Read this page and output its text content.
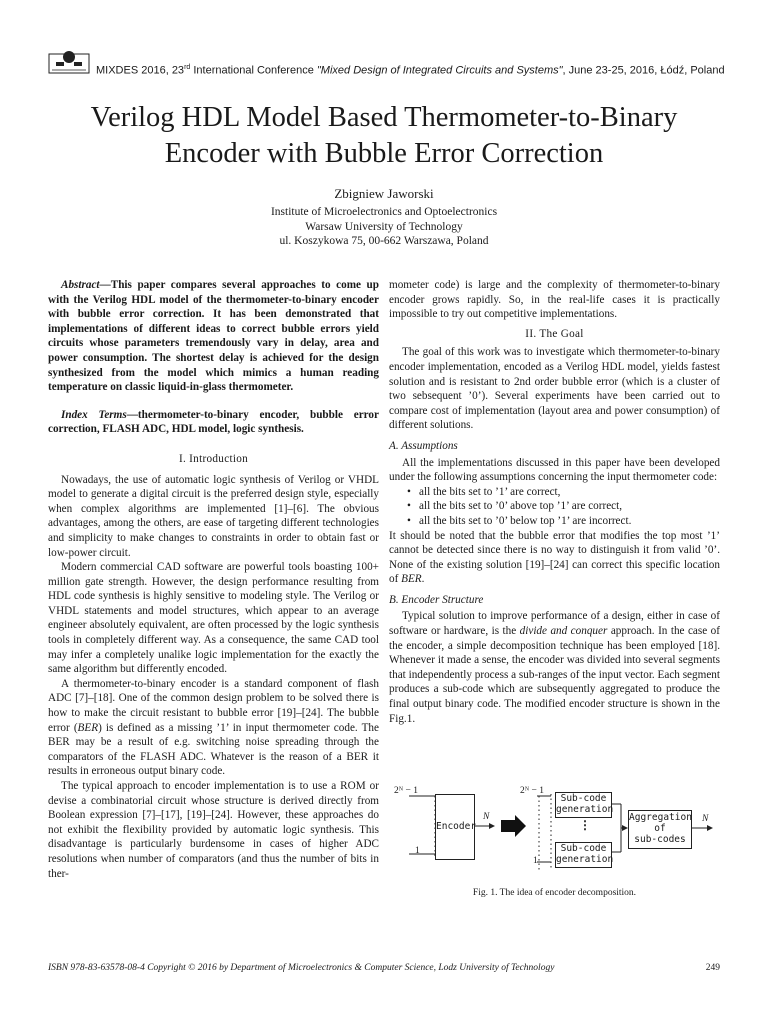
MIXDES 2016, 23rd International Conference "Mixed Design of Integrated Circuits and Systems", June 23-25, 2016, Łódź, Poland
Verilog HDL Model Based Thermometer-to-Binary
Encoder with Bubble Error Correction
Zbigniew Jaworski
Institute of Microelectronics and Optoelectronics
Warsaw University of Technology
ul. Koszykowa 75, 00-662 Warszawa, Poland

Abstract—This paper compares several approaches to come up with the Verilog HDL model of the thermometer-to-binary encoder with bubble error correction. It has been demonstrated that implementations of different ideas to correct bubble errors yield circuits whose parameters tremendously vary in delay, area and power consumption. The shortest delay is achieved for the design synthesized from the model which mimics a human reading temperature on classic liquid-in-glass thermometer.

Index Terms—thermometer-to-binary encoder, bubble error correction, FLASH ADC, HDL model, logic synthesis.

I. Introduction

Nowadays, the use of automatic logic synthesis of Verilog or VHDL model to generate a digital circuit is the preferred design style, especially when complex algorithms are implemented [1]–[6]. The obvious advantages, among the others, are ease of targeting different technologies and simplicity to make changes to constraints in order to obtain fast or low-power circuit.

Modern commercial CAD software are powerful tools boasting 100+ million gate strength. However, the design performance resulting from HDL code synthesis is highly sensitive to modeling style. The Verilog or VHDL statements and model structures, which appear to an average engineer absolutely equivalent, are often processed by the logic synthesis tools in completely different way. As a consequence, the same CAD tool may infer a completely unalike logic implementation for the exactly the same algorithm but differently encoded.

A thermometer-to-binary encoder is a standard component of flash ADC [7]–[18]. One of the common design problem to be solved there is how to make the circuit resistant to bubble error [19]–[24]. The bubble error (BER) is defined as a missing ’1’ in input thermometer code. The BER may be a result of e.g. switching noise spreading through the comparators of the FLASH ADC. Whatever is the reason of a BER it results in erroneous output binary code.

The typical approach to encoder implementation is to use a ROM or devise a combinatorial circuit whose structure is derived directly from Boolean expression [7]–[17], [19]–[24]. However, these approaches do not exhibit the flexibility provided by automatic logic synthesis. This disadvantage is particularly burdensome in cases of higher ADC resolutions when number of comparators (and thus the number of bits in ther-

mometer code) is large and the complexity of thermometer-to-binary encoder grows rapidly. So, in the real-life cases it is practically impossible to try out competitive implementations.

II. The Goal

The goal of this work was to investigate which thermometer-to-binary encoder implementation, encoded as a Verilog HDL model, yields fastest solution and is resistant to 2nd order bubble error (which is a cluster of two sebsequent ’0’). Several experiments have been carried out to compare cost of implementation (layout area and power consumption) of different solutions.

A. Assumptions

All the implementations discussed in this paper have been developed under the following assumptions concerning the input thermometer code:

• all the bits set to ’1’ are correct,
• all the bits set to ’0’ above top ’1’ are correct,
• all the bits set to ’0’ below top ’1’ are incorrect.

It should be noted that the bubble error that modifies the top most ’1’ cannot be detected since there is no way to distinguish it from valid ’0’. None of the existing solution [19]–[24] can correct this specific location of BER.

B. Encoder Structure

Typical solution to improve performance of a design, either in case of software or hardware, is the divide and conquer approach. In the case of the encoder, a simple decomposition technique has been employed [18]. Whenever it made a sense, the encoder was divided into several segments that independently process a sub-ranges of the input vector. Each segment produces a sub-code which are subsequently aggregated to produce the final output binary code. The modified encoder structure is shown in the Fig.1.

2ᴺ − 1
1
Encoder
N
2ᴺ − 1
1
Sub-code
generation
⋮
Sub-code
generation
Aggregation
of
sub-codes
N
Fig. 1. The idea of encoder decomposition.
ISBN 978-83-63578-08-4 Copyright © 2016 by Department of Microelectronics & Computer Science, Lodz University of Technology	249
